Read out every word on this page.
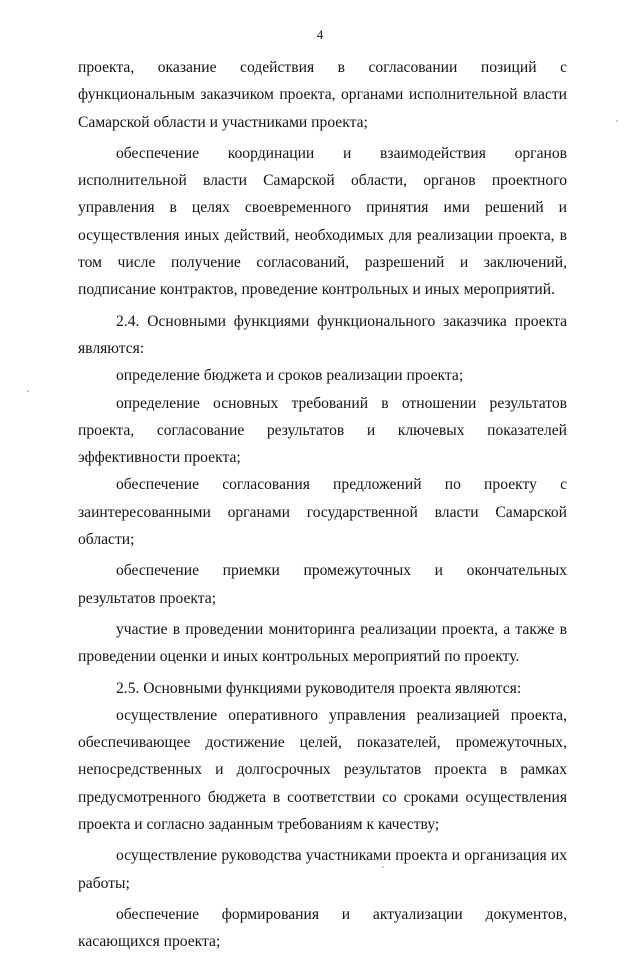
4

проекта, оказание содействия в согласовании позиций с функциональным заказчиком проекта, органами исполнительной власти Самарской области и участниками проекта;

обеспечение координации и взаимодействия органов исполнительной власти Самарской области, органов проектного управления в целях своевременного принятия ими решений и осуществления иных действий, необходимых для реализации проекта, в том числе получение согласований, разрешений и заключений, подписание контрактов, проведение контрольных и иных мероприятий.

2.4. Основными функциями функционального заказчика проекта являются:

определение бюджета и сроков реализации проекта;

определение основных требований в отношении результатов проекта, согласование результатов и ключевых показателей эффективности проекта;

обеспечение согласования предложений по проекту с заинтересованными органами государственной власти Самарской области;

обеспечение приемки промежуточных и окончательных результатов проекта;

участие в проведении мониторинга реализации проекта, а также в проведении оценки и иных контрольных мероприятий по проекту.

2.5. Основными функциями руководителя проекта являются:

осуществление оперативного управления реализацией проекта, обеспечивающее достижение целей, показателей, промежуточных, непосредственных и долгосрочных результатов проекта в рамках предусмотренного бюджета в соответствии со сроками осуществления проекта и согласно заданным требованиям к качеству;

осуществление руководства участниками проекта и организация их работы;

обеспечение формирования и актуализации документов, касающихся проекта;
